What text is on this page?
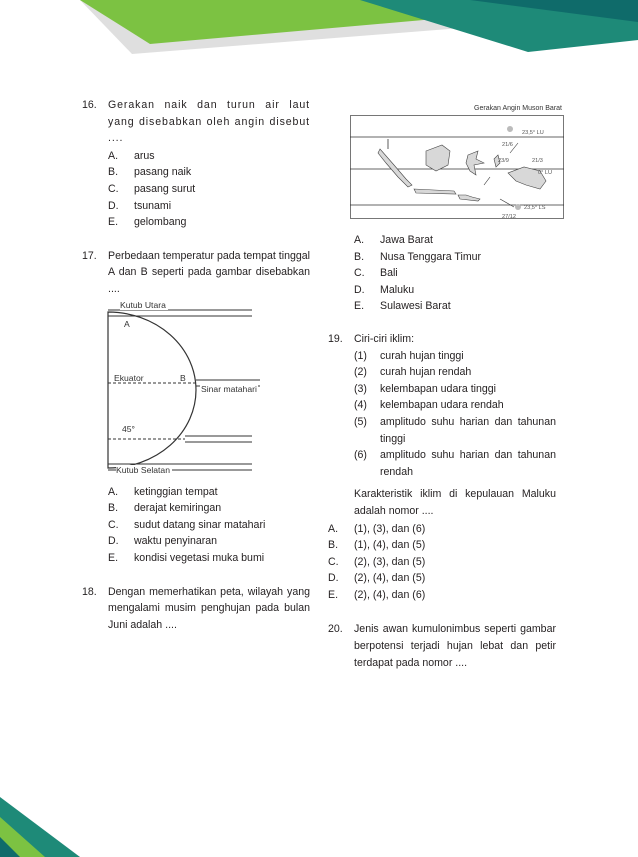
16. Gerakan naik dan turun air laut yang disebabkan oleh angin disebut ....
A. arus
B. pasang naik
C. pasang surut
D. tsunami
E. gelombang
17. Perbedaan temperatur pada tempat tinggal A dan B seperti pada gambar disebabkan ....
Kutub Utara
A
Ekuator	B
Sinar matahari
45°
Kutub Selatan
A. ketinggian tempat
B. derajat kemiringan
C. sudut datang sinar matahari
D. waktu penyinaran
E. kondisi vegetasi muka bumi
18. Dengan memerhatikan peta, wilayah yang mengalami musim penghujan pada bulan Juni adalah ....
Gerakan Angin Muson Barat
23,5° LU
21/6
23/9	21/3
0° LU
23,5° LS
27/12
A. Jawa Barat
B. Nusa Tenggara Timur
C. Bali
D. Maluku
E. Sulawesi Barat
19. Ciri-ciri iklim:
(1) curah hujan tinggi
(2) curah hujan rendah
(3) kelembapan udara tinggi
(4) kelembapan udara rendah
(5) amplitudo suhu harian dan tahunan tinggi
(6) amplitudo suhu harian dan tahunan rendah
Karakteristik iklim di kepulauan Maluku adalah nomor ....
A. (1), (3), dan (6)
B. (1), (4), dan (5)
C. (2), (3), dan (5)
D. (2), (4), dan (5)
E. (2), (4), dan (6)
20. Jenis awan kumulonimbus seperti gambar berpotensi terjadi hujan lebat dan petir terdapat pada nomor ....
